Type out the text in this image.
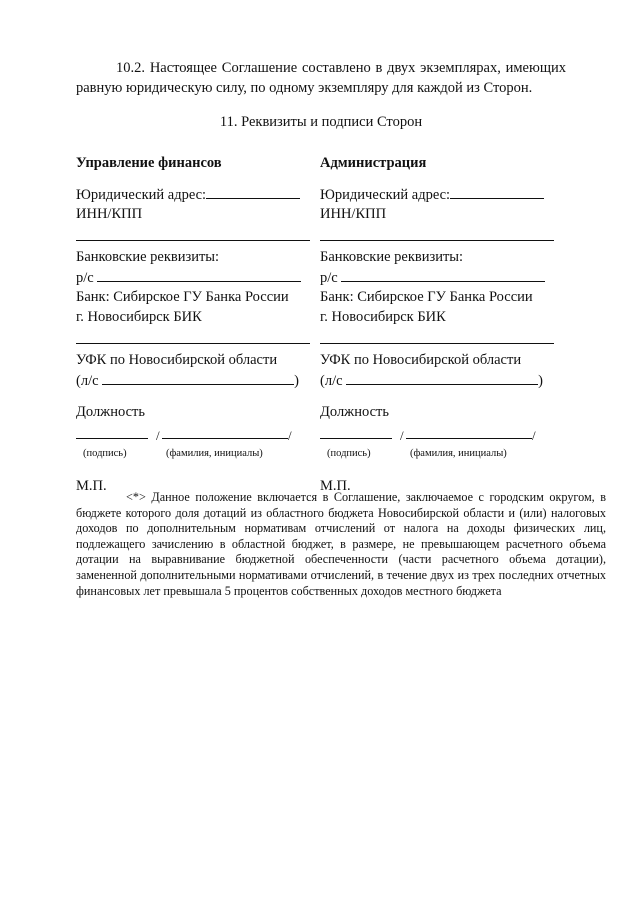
10.2. Настоящее Соглашение составлено в двух экземплярах, имеющих равную юридическую силу, по одному экземпляру для каждой из Сторон.
11. Реквизиты и подписи Сторон
Управление финансов
Юридический адрес:
ИНН/КПП
Банковские реквизиты:
р/с
Банк: Сибирское ГУ Банка России
г. Новосибирск БИК
УФК по Новосибирской области
(л/с	)
Должность
/	/
(подпись)	(фамилия, инициалы)
М.П.
Администрация
Юридический адрес:
ИНН/КПП
Банковские реквизиты:
р/с
Банк: Сибирское ГУ Банка России
г. Новосибирск БИК
УФК по Новосибирской области
(л/с	)
Должность
/	/
(подпись)	(фамилия, инициалы)
М.П.
<*> Данное положение включается в Соглашение, заключаемое с городским округом, в бюджете которого доля дотаций из областного бюджета Новосибирской области и (или) налоговых доходов по дополнительным нормативам отчислений от налога на доходы физических лиц, подлежащего зачислению в областной бюджет, в размере, не превышающем расчетного объема дотации на выравнивание бюджетной обеспеченности (части расчетного объема дотации), замененной дополнительными нормативами отчислений, в течение двух из трех последних отчетных финансовых лет превышала 5 процентов собственных доходов местного бюджета
